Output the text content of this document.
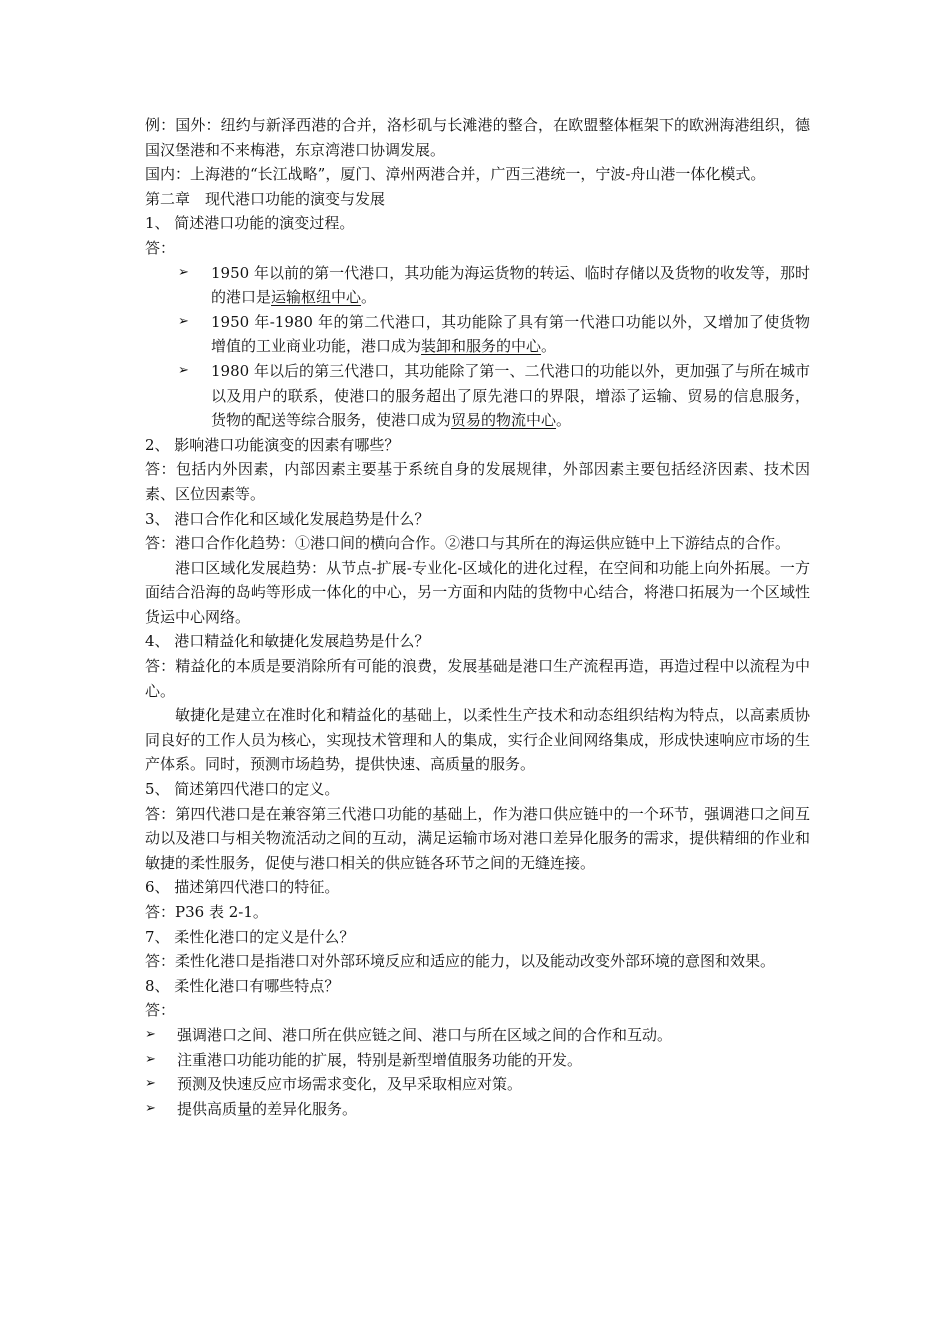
例：国外：纽约与新泽西港的合并，洛杉矶与长滩港的整合，在欧盟整体框架下的欧洲海港组织，德国汉堡港和不来梅港，东京湾港口协调发展。

国内：上海港的“长江战略”，厦门、漳州两港合并，广西三港统一，宁波-舟山港一体化模式。

第二章　现代港口功能的演变与发展

1、 简述港口功能的演变过程。

答：

➢ 1950 年以前的第一代港口，其功能为海运货物的转运、临时存储以及货物的收发等，那时的港口是运输枢纽中心。

➢ 1950 年-1980 年的第二代港口，其功能除了具有第一代港口功能以外，又增加了使货物增值的工业商业功能，港口成为装卸和服务的中心。

➢ 1980 年以后的第三代港口，其功能除了第一、二代港口的功能以外，更加强了与所在城市以及用户的联系，使港口的服务超出了原先港口的界限，增添了运输、贸易的信息服务，货物的配送等综合服务，使港口成为贸易的物流中心。

2、 影响港口功能演变的因素有哪些？

答：包括内外因素，内部因素主要基于系统自身的发展规律，外部因素主要包括经济因素、技术因素、区位因素等。

3、 港口合作化和区域化发展趋势是什么？

答：港口合作化趋势：①港口间的横向合作。②港口与其所在的海运供应链中上下游结点的合作。

港口区域化发展趋势：从节点-扩展-专业化-区域化的进化过程，在空间和功能上向外拓展。一方面结合沿海的岛屿等形成一体化的中心，另一方面和内陆的货物中心结合，将港口拓展为一个区域性货运中心网络。

4、 港口精益化和敏捷化发展趋势是什么？

答：精益化的本质是要消除所有可能的浪费，发展基础是港口生产流程再造，再造过程中以流程为中心。

敏捷化是建立在准时化和精益化的基础上，以柔性生产技术和动态组织结构为特点，以高素质协同良好的工作人员为核心，实现技术管理和人的集成，实行企业间网络集成，形成快速响应市场的生产体系。同时，预测市场趋势，提供快速、高质量的服务。

5、 简述第四代港口的定义。

答：第四代港口是在兼容第三代港口功能的基础上，作为港口供应链中的一个环节，强调港口之间互动以及港口与相关物流活动之间的互动，满足运输市场对港口差异化服务的需求，提供精细的作业和敏捷的柔性服务，促使与港口相关的供应链各环节之间的无缝连接。

6、 描述第四代港口的特征。

答：P36 表 2-1。

7、 柔性化港口的定义是什么？

答：柔性化港口是指港口对外部环境反应和适应的能力，以及能动改变外部环境的意图和效果。

8、 柔性化港口有哪些特点？

答：

➢ 强调港口之间、港口所在供应链之间、港口与所在区域之间的合作和互动。

➢ 注重港口功能功能的扩展，特别是新型增值服务功能的开发。

➢ 预测及快速反应市场需求变化，及早采取相应对策。

➢ 提供高质量的差异化服务。
